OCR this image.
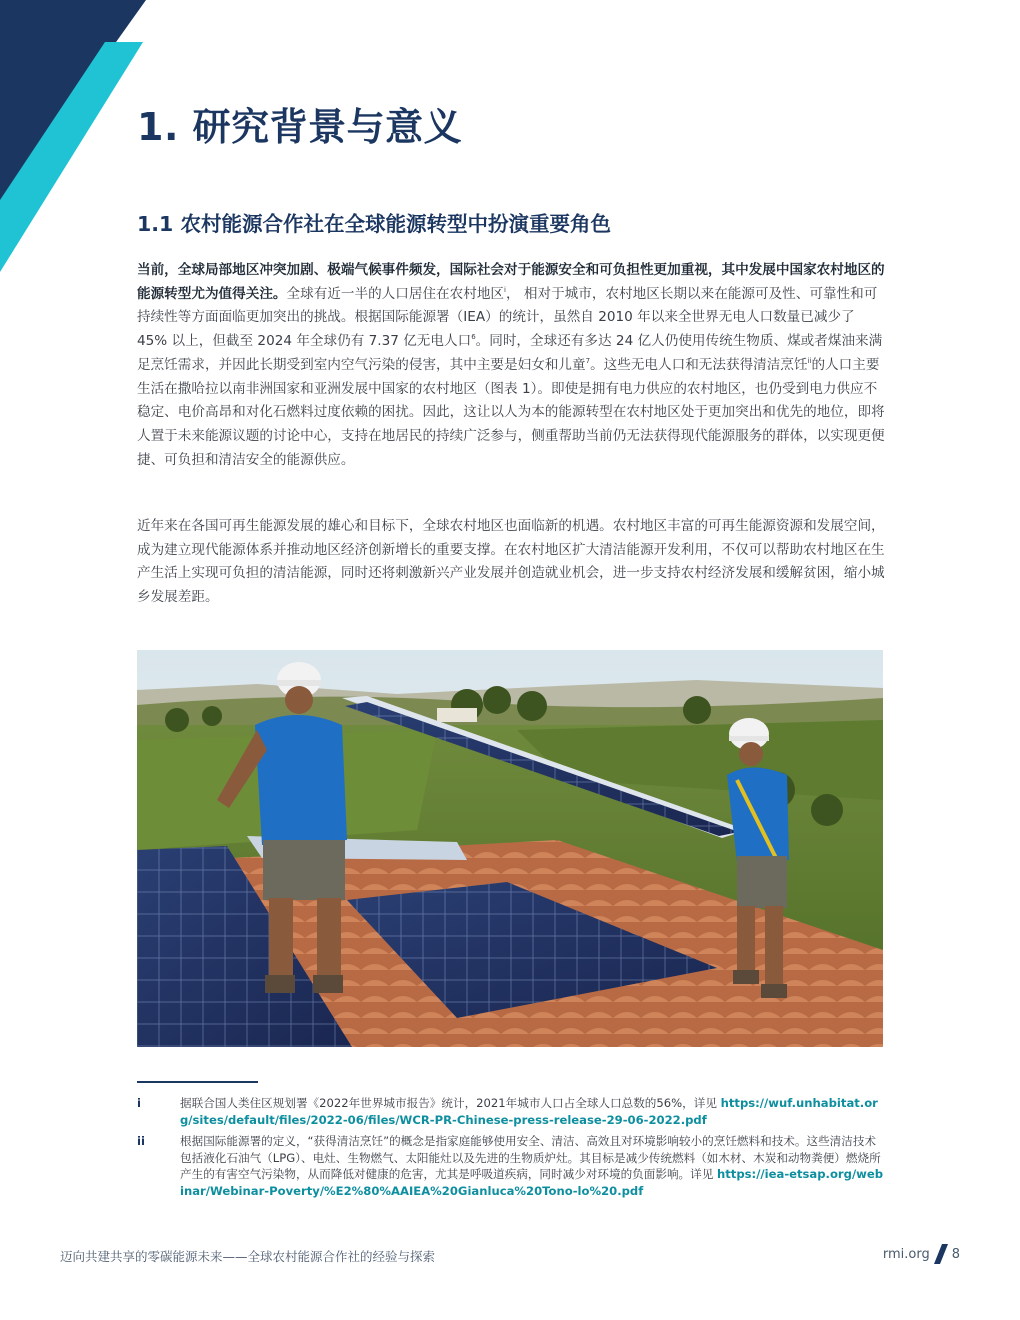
1. 研究背景与意义
1.1 农村能源合作社在全球能源转型中扮演重要角色

当前，全球局部地区冲突加剧、极端气候事件频发，国际社会对于能源安全和可负担性更加重视，其中发展中国家农村地区的能源转型尤为值得关注。全球有近一半的人口居住在农村地区$^i$， 相对于城市，农村地区长期以来在能源可及性、可靠性和可持续性等方面面临更加突出的挑战。根据国际能源署（IEA）的统计，虽然自 2010 年以来全世界无电人口数量已减少了 45% 以上，但截至 2024 年全球仍有 7.37 亿无电人口$^6$。同时，全球还有多达 24 亿人仍使用传统生物质、煤或者煤油来满足烹饪需求，并因此长期受到室内空气污染的侵害，其中主要是妇女和儿童$^7$。这些无电人口和无法获得清洁烹饪$^{ii}$的人口主要生活在撒哈拉以南非洲国家和亚洲发展中国家的农村地区（图表 1）。即使是拥有电力供应的农村地区，也仍受到电力供应不稳定、电价高昂和对化石燃料过度依赖的困扰。因此，这让以人为本的能源转型在农村地区处于更加突出和优先的地位，即将人置于未来能源议题的讨论中心，支持在地居民的持续广泛参与，侧重帮助当前仍无法获得现代能源服务的群体，以实现更便捷、可负担和清洁安全的能源供应。

近年来在各国可再生能源发展的雄心和目标下，全球农村地区也面临新的机遇。农村地区丰富的可再生能源资源和发展空间，成为建立现代能源体系并推动地区经济创新增长的重要支撑。在农村地区扩大清洁能源开发利用，不仅可以帮助农村地区在生产生活上实现可负担的清洁能源，同时还将刺激新兴产业发展并创造就业机会，进一步支持农村经济发展和缓解贫困，缩小城乡发展差距。

i	据联合国人类住区规划署《2022年世界城市报告》统计，2021年城市人口占全球人口总数的56%，详见 https://wuf.unhabitat.org/sites/default/files/2022-06/files/WCR-PR-Chinese-press-release-29-06-2022.pdf
ii	根据国际能源署的定义，“获得清洁烹饪”的概念是指家庭能够使用安全、清洁、高效且对环境影响较小的烹饪燃料和技术。这些清洁技术包括液化石油气（LPG）、电灶、生物燃气、太阳能灶以及先进的生物质炉灶。其目标是减少传统燃料（如木材、木炭和动物粪便）燃烧所产生的有害空气污染物，从而降低对健康的危害，尤其是呼吸道疾病，同时减少对环境的负面影响。详见 https://iea-etsap.org/webinar/Webinar-Poverty/%E2%80%AAIEA%20Gianluca%20Tono-lo%20.pdf
迈向共建共享的零碳能源未来——全球农村能源合作社的经验与探索	rmi.org 8
